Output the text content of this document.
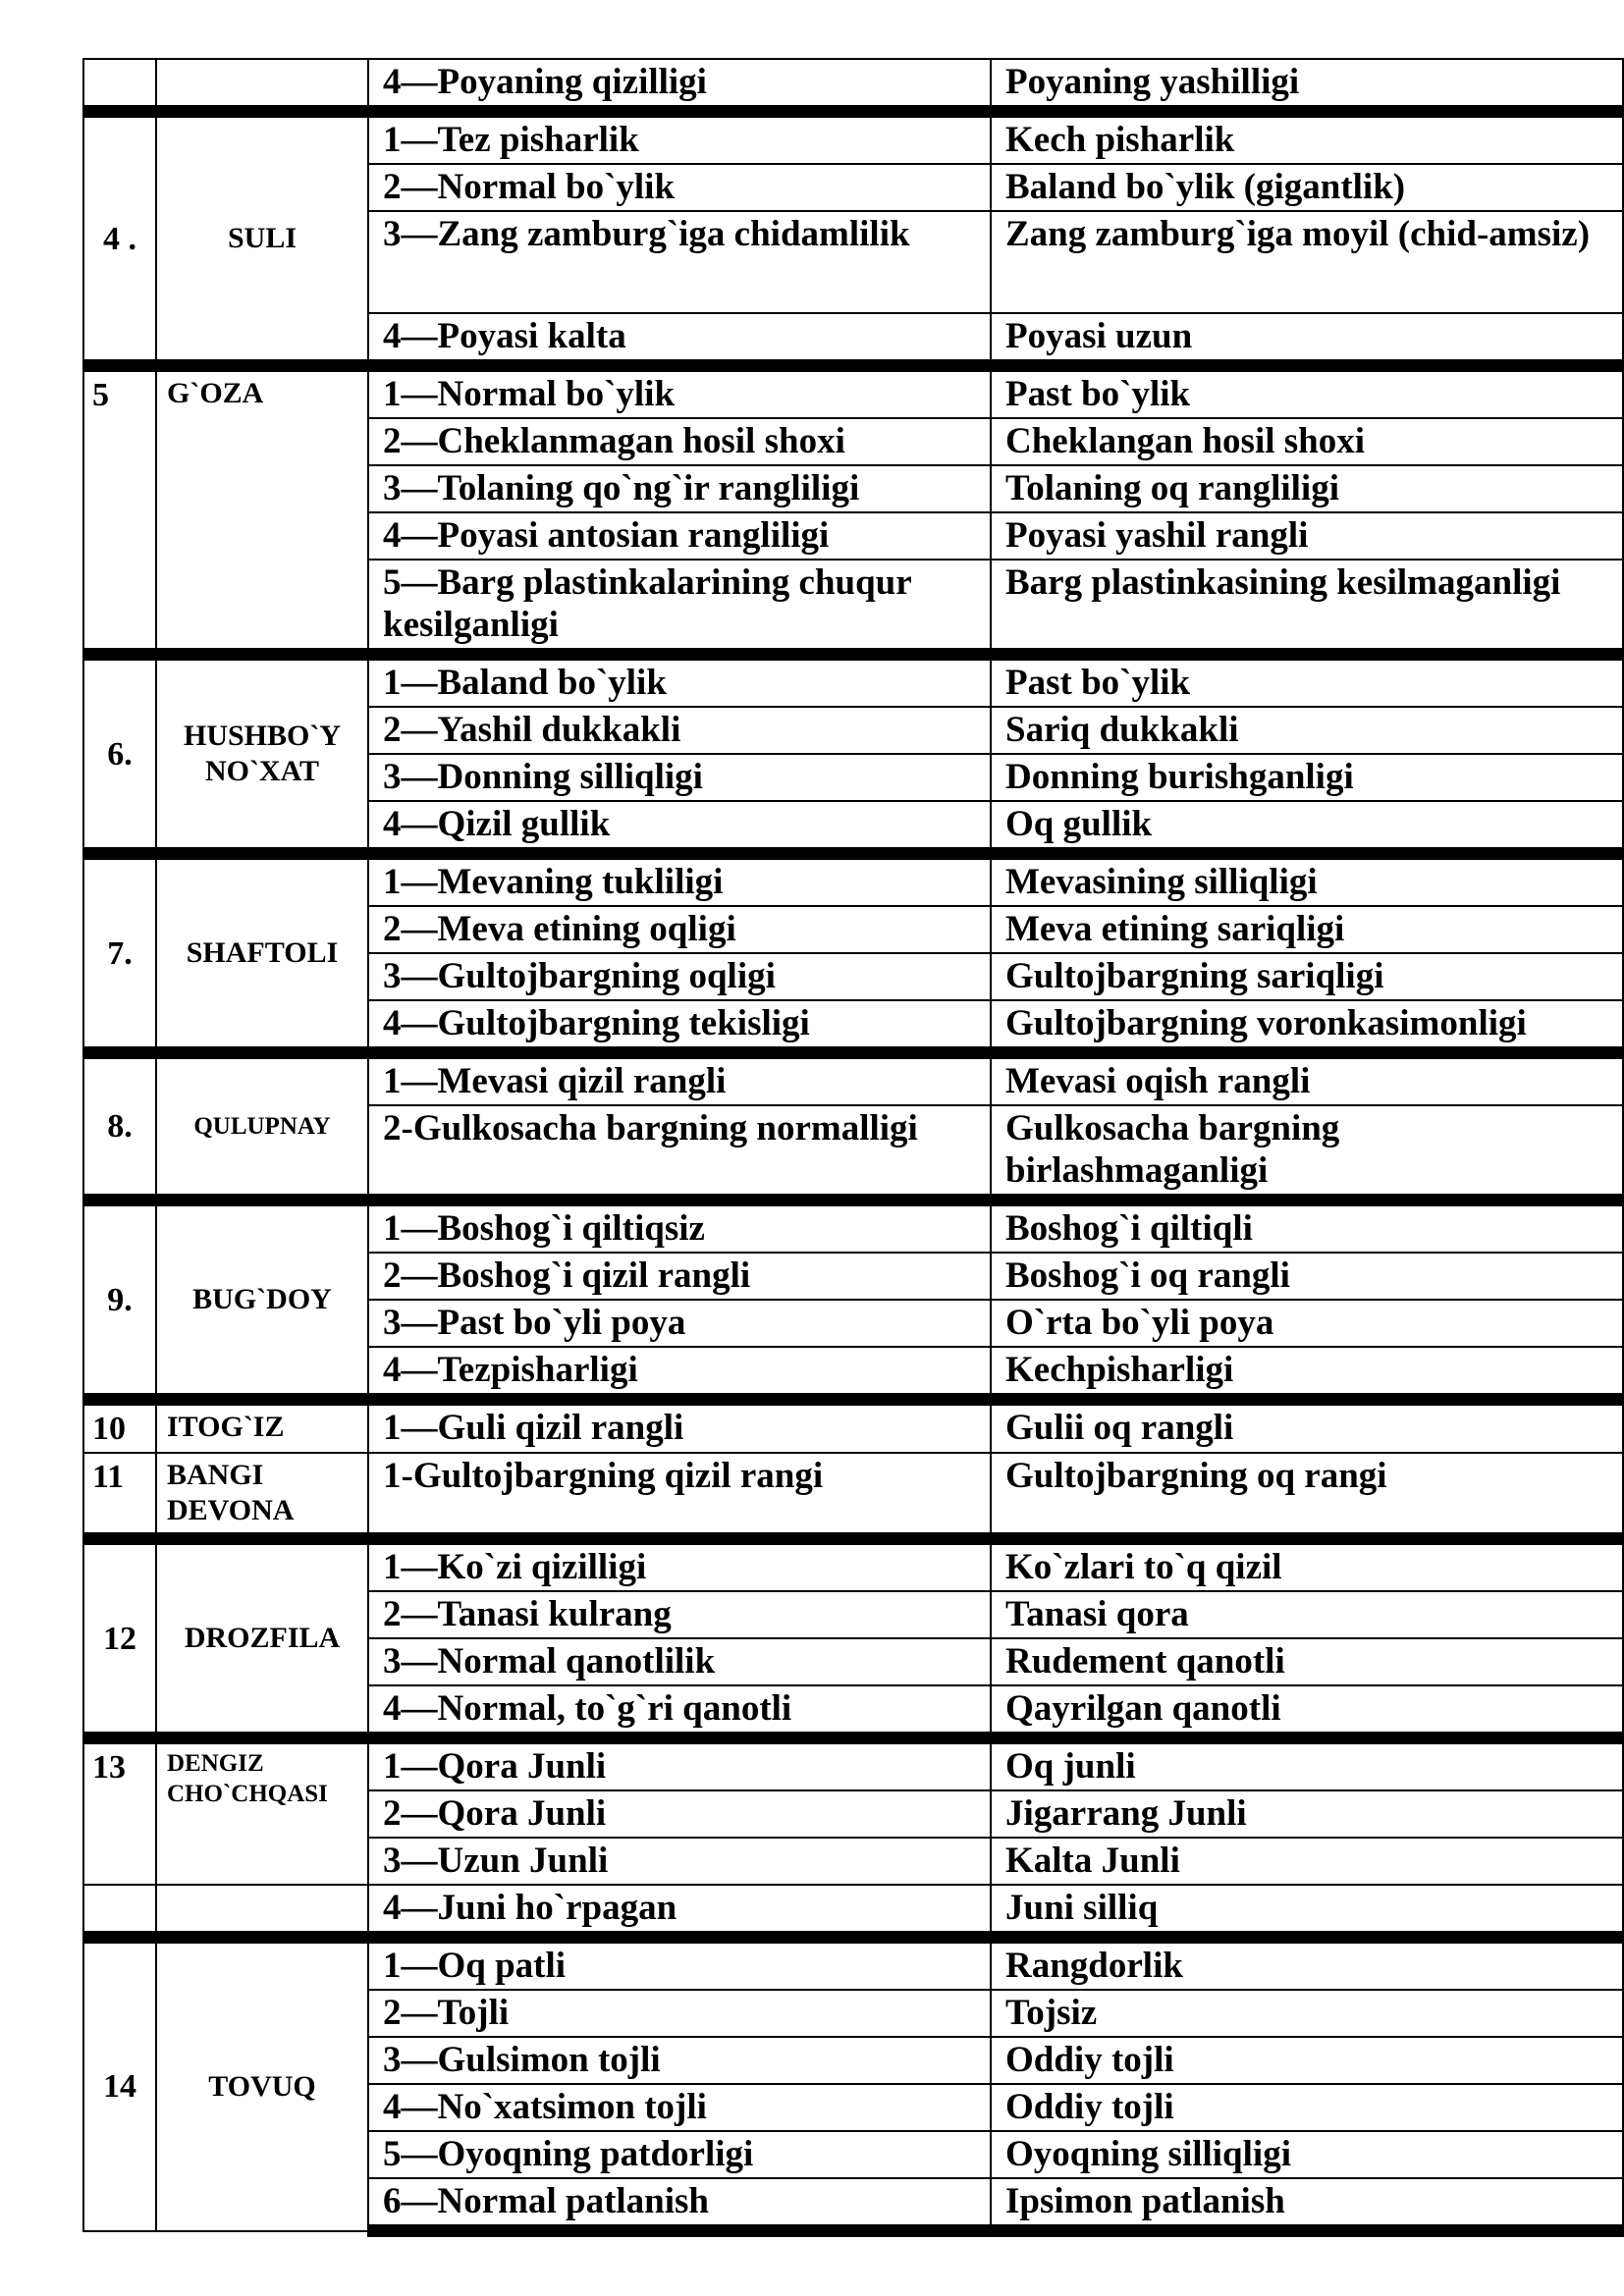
		4—Poyaning qizilligi	Poyaning yashilligi
4 .	SULI	1—Tez pisharlik	Kech pisharlik
		2—Normal bo`ylik	Baland bo`ylik (gigantlik)
		3—Zang zamburg`iga chidamlilik	Zang zamburg`iga moyil (chid-amsiz)
		4—Poyasi kalta	Poyasi uzun
5	G`OZA	1—Normal bo`ylik	Past bo`ylik
		2—Cheklanmagan hosil shoxi	Cheklangan hosil shoxi
		3—Tolaning qo`ng`ir rangliligi	Tolaning oq rangliligi
		4—Poyasi antosian rangliligi	Poyasi yashil rangli
		5—Barg plastinkalarining chuqur kesilganligi	Barg plastinkasining kesilmaganligi
6.	HUSHBO`Y NO`XAT	1—Baland bo`ylik	Past bo`ylik
		2—Yashil dukkakli	Sariq dukkakli
		3—Donning silliqligi	Donning burishganligi
		4—Qizil gullik	Oq gullik
7.	SHAFTOLI	1—Mevaning tukliligi	Mevasining silliqligi
		2—Meva etining oqligi	Meva etining sariqligi
		3—Gultojbargning oqligi	Gultojbargning sariqligi
		4—Gultojbargning tekisligi	Gultojbargning voronkasimonligi
8.	QULUPNAY	1—Mevasi qizil rangli	Mevasi oqish rangli
		2-Gulkosacha bargning normalligi	Gulkosacha bargning birlashmaganligi
9.	BUG`DOY	1—Boshog`i qiltiqsiz	Boshog`i qiltiqli
		2—Boshog`i qizil rangli	Boshog`i oq rangli
		3—Past bo`yli poya	O`rta bo`yli poya
		4—Tezpisharligi	Kechpisharligi
10	ITOG`IZ	1—Guli qizil rangli	Gulii oq rangli
11	BANGI DEVONA	1-Gultojbargning qizil rangi	Gultojbargning oq rangi
12	DROZFILA	1—Ko`zi qizilligi	Ko`zlari to`q qizil
		2—Tanasi kulrang	Tanasi qora
		3—Normal qanotlilik	Rudement qanotli
		4—Normal, to`g`ri qanotli	Qayrilgan qanotli
13	DENGIZ CHO`CHQASI	1—Qora Junli	Oq junli
		2—Qora Junli	Jigarrang Junli
		3—Uzun Junli	Kalta Junli
		4—Juni ho`rpagan	Juni silliq
14	TOVUQ	1—Oq patli	Rangdorlik
		2—Tojli	Tojsiz
		3—Gulsimon tojli	Oddiy tojli
		4—No`xatsimon tojli	Oddiy tojli
		5—Oyoqning patdorligi	Oyoqning silliqligi
		6—Normal patlanish	Ipsimon patlanish
